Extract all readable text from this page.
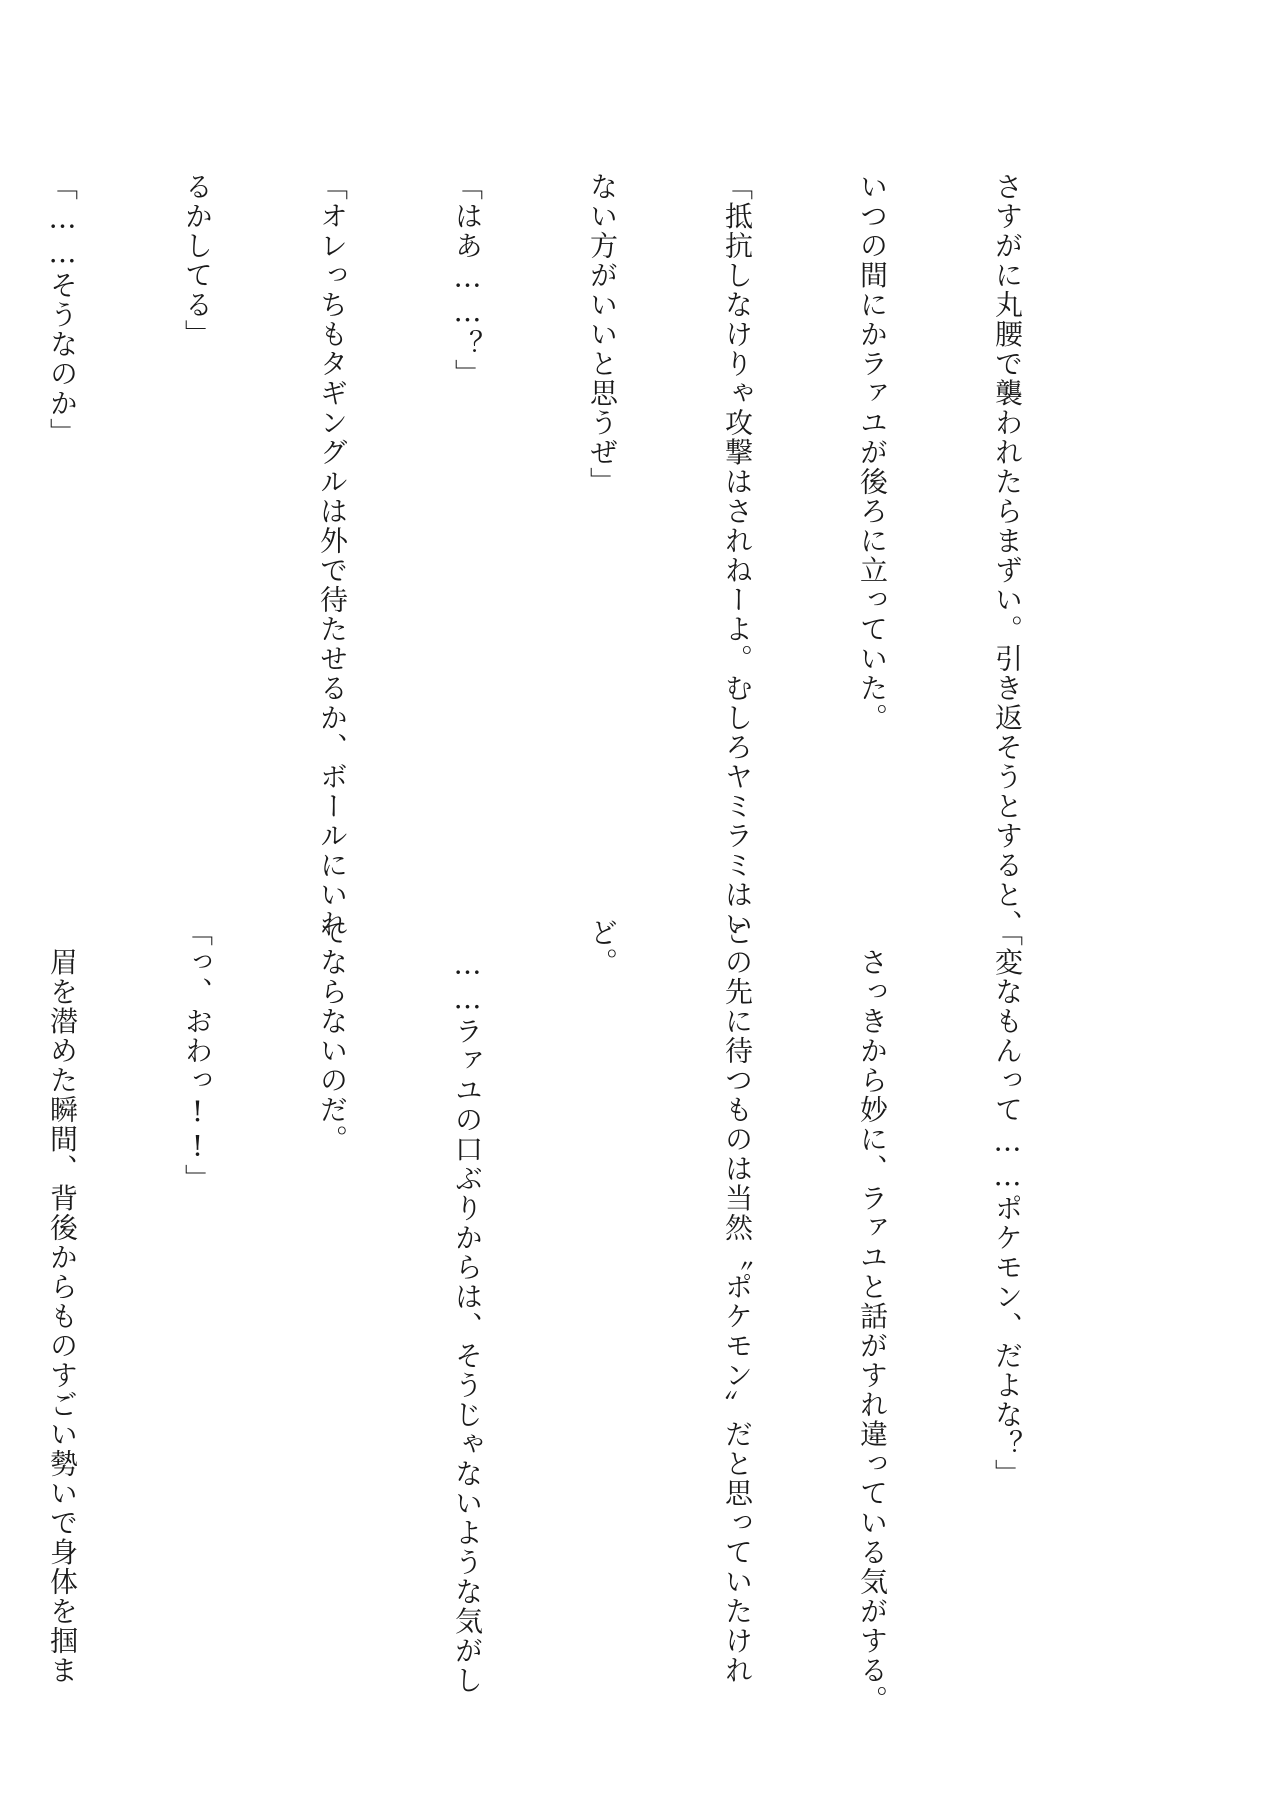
さすがに丸腰で襲われたらまずい。引き返そうとすると、

いつの間にかラァユが後ろに立っていた。

「抵抗しなけりゃ攻撃はされねーよ。むしろヤミラミはい

ない方がいいと思うぜ」

「はあ……？」

「オレっちもタギングルは外で待たせるか、ボールにいれ

るかしてる」

「……そうなのか」

「変なもんって……ポケモン、だよな？」

　さっきから妙に、ラァユと話がすれ違っている気がする。

この先に待つものは当然〝ポケモン〟だと思っていたけれ

ど。

　……ラァユの口ぶりからは、そうじゃないような気がし

てならないのだ。

「っ、おわっ!!」

　眉を潜めた瞬間、背後からものすごい勢いで身体を掴ま
